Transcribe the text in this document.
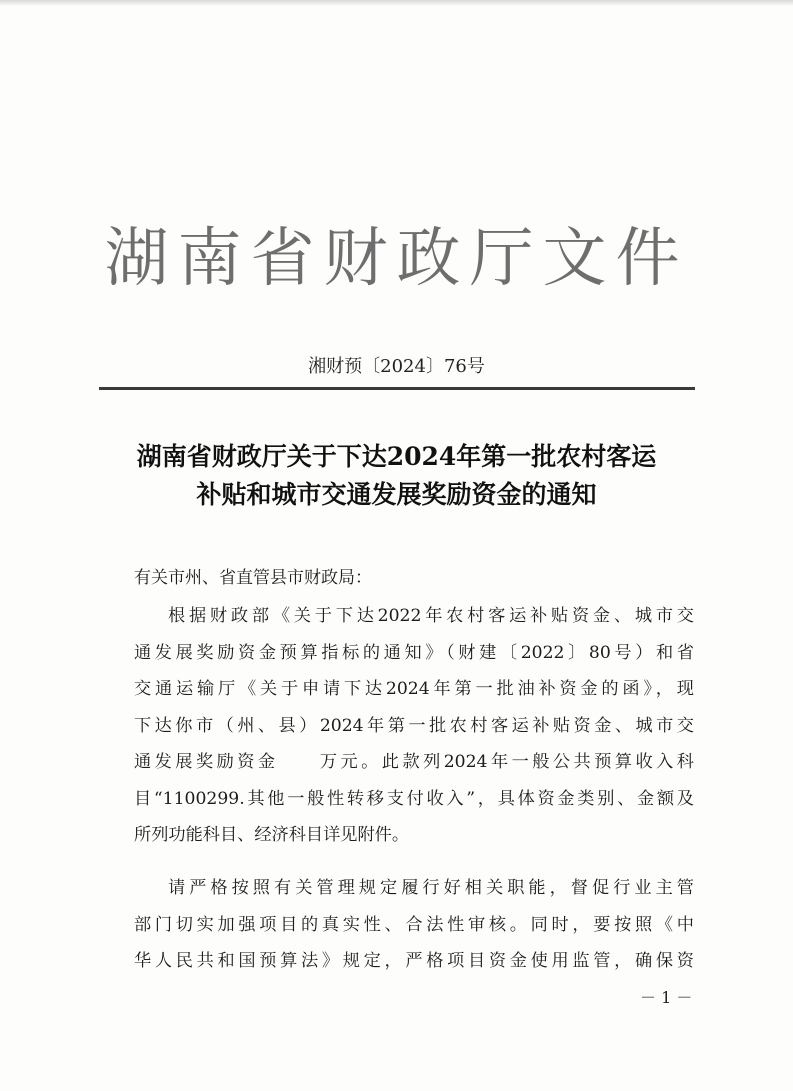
湖南省财政厅文件
湘财预〔2024〕76号
湖南省财政厅关于下达2024年第一批农村客运
补贴和城市交通发展奖励资金的通知
有关市州、省直管县市财政局：
根据财政部《关于下达2022年农村客运补贴资金、城市交
通发展奖励资金预算指标的通知》（财建〔2022〕80号）和省
交通运输厅《关于申请下达2024年第一批油补资金的函》，现
下达你市（州、县）2024年第一批农村客运补贴资金、城市交
通发展奖励资金　　万元。此款列2024年一般公共预算收入科
目“1100299.其他一般性转移支付收入”，具体资金类别、金额及
所列功能科目、经济科目详见附件。
请严格按照有关管理规定履行好相关职能，督促行业主管
部门切实加强项目的真实性、合法性审核。同时，要按照《中
华人民共和国预算法》规定，严格项目资金使用监管，确保资
－ 1 －
